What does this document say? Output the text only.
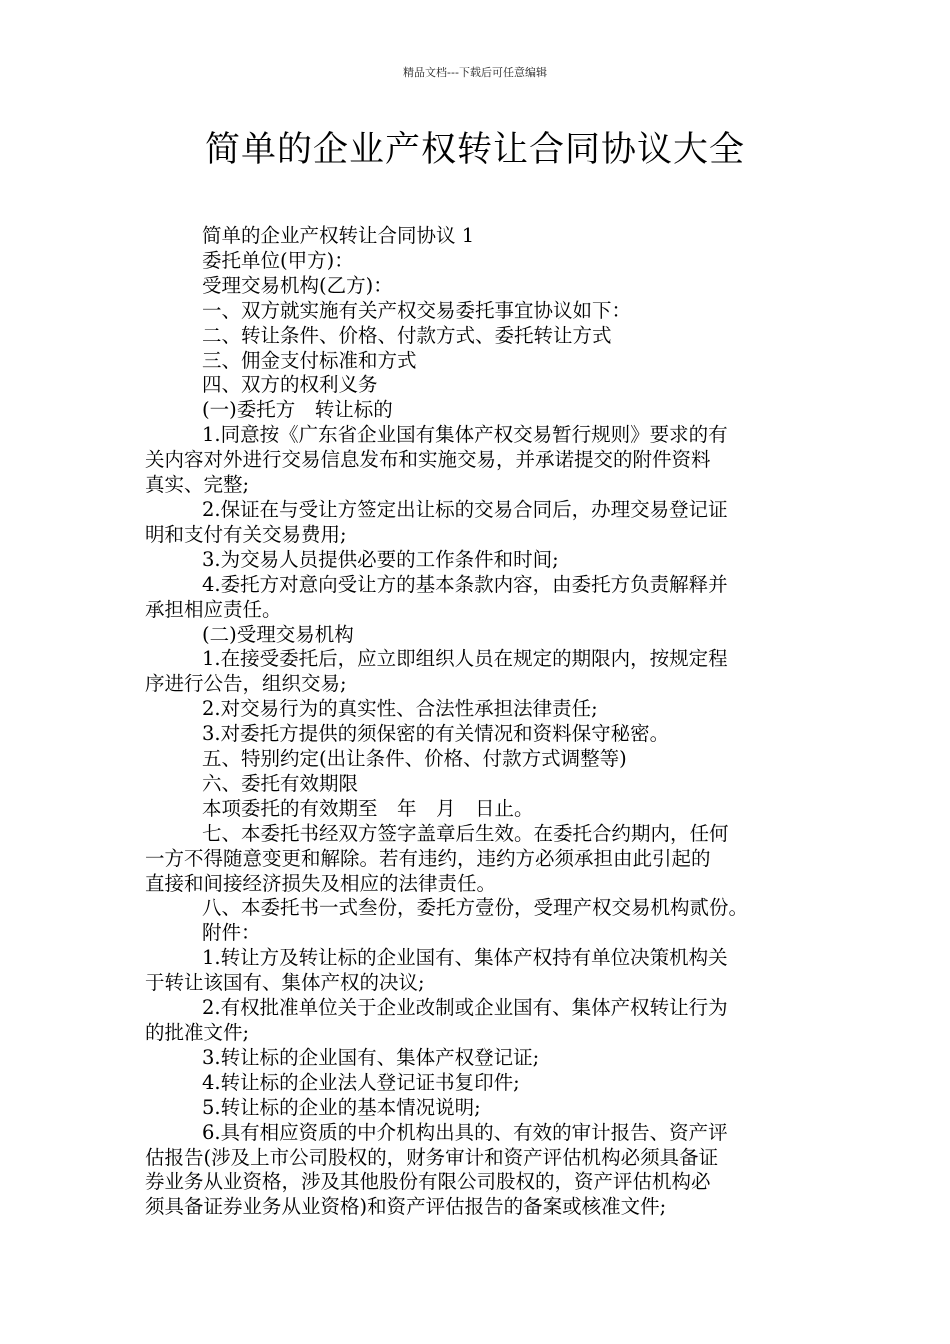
精品文档---下载后可任意编辑
简单的企业产权转让合同协议大全

简单的企业产权转让合同协议 1

委托单位(甲方)：

受理交易机构(乙方)：

一、双方就实施有关产权交易委托事宜协议如下：

二、转让条件、价格、付款方式、委托转让方式

三、佣金支付标准和方式

四、双方的权利义务

(一)委托方　转让标的

1.同意按《广东省企业国有集体产权交易暂行规则》要求的有

关内容对外进行交易信息发布和实施交易，并承诺提交的附件资料

真实、完整;

2.保证在与受让方签定出让标的交易合同后，办理交易登记证

明和支付有关交易费用;

3.为交易人员提供必要的工作条件和时间;

4.委托方对意向受让方的基本条款内容，由委托方负责解释并

承担相应责任。

(二)受理交易机构

1.在接受委托后，应立即组织人员在规定的期限内，按规定程

序进行公告，组织交易;

2.对交易行为的真实性、合法性承担法律责任;

3.对委托方提供的须保密的有关情况和资料保守秘密。

五、特别约定(出让条件、价格、付款方式调整等)

六、委托有效期限

本项委托的有效期至　年　月　日止。

七、本委托书经双方签字盖章后生效。在委托合约期内，任何

一方不得随意变更和解除。若有违约，违约方必须承担由此引起的

直接和间接经济损失及相应的法律责任。

八、本委托书一式叁份，委托方壹份，受理产权交易机构贰份。

附件：

1.转让方及转让标的企业国有、集体产权持有单位决策机构关

于转让该国有、集体产权的决议;

2.有权批准单位关于企业改制或企业国有、集体产权转让行为

的批准文件;

3.转让标的企业国有、集体产权登记证;

4.转让标的企业法人登记证书复印件;

5.转让标的企业的基本情况说明;

6.具有相应资质的中介机构出具的、有效的审计报告、资产评

估报告(涉及上市公司股权的，财务审计和资产评估机构必须具备证

券业务从业资格，涉及其他股份有限公司股权的，资产评估机构必

须具备证券业务从业资格)和资产评估报告的备案或核准文件;
